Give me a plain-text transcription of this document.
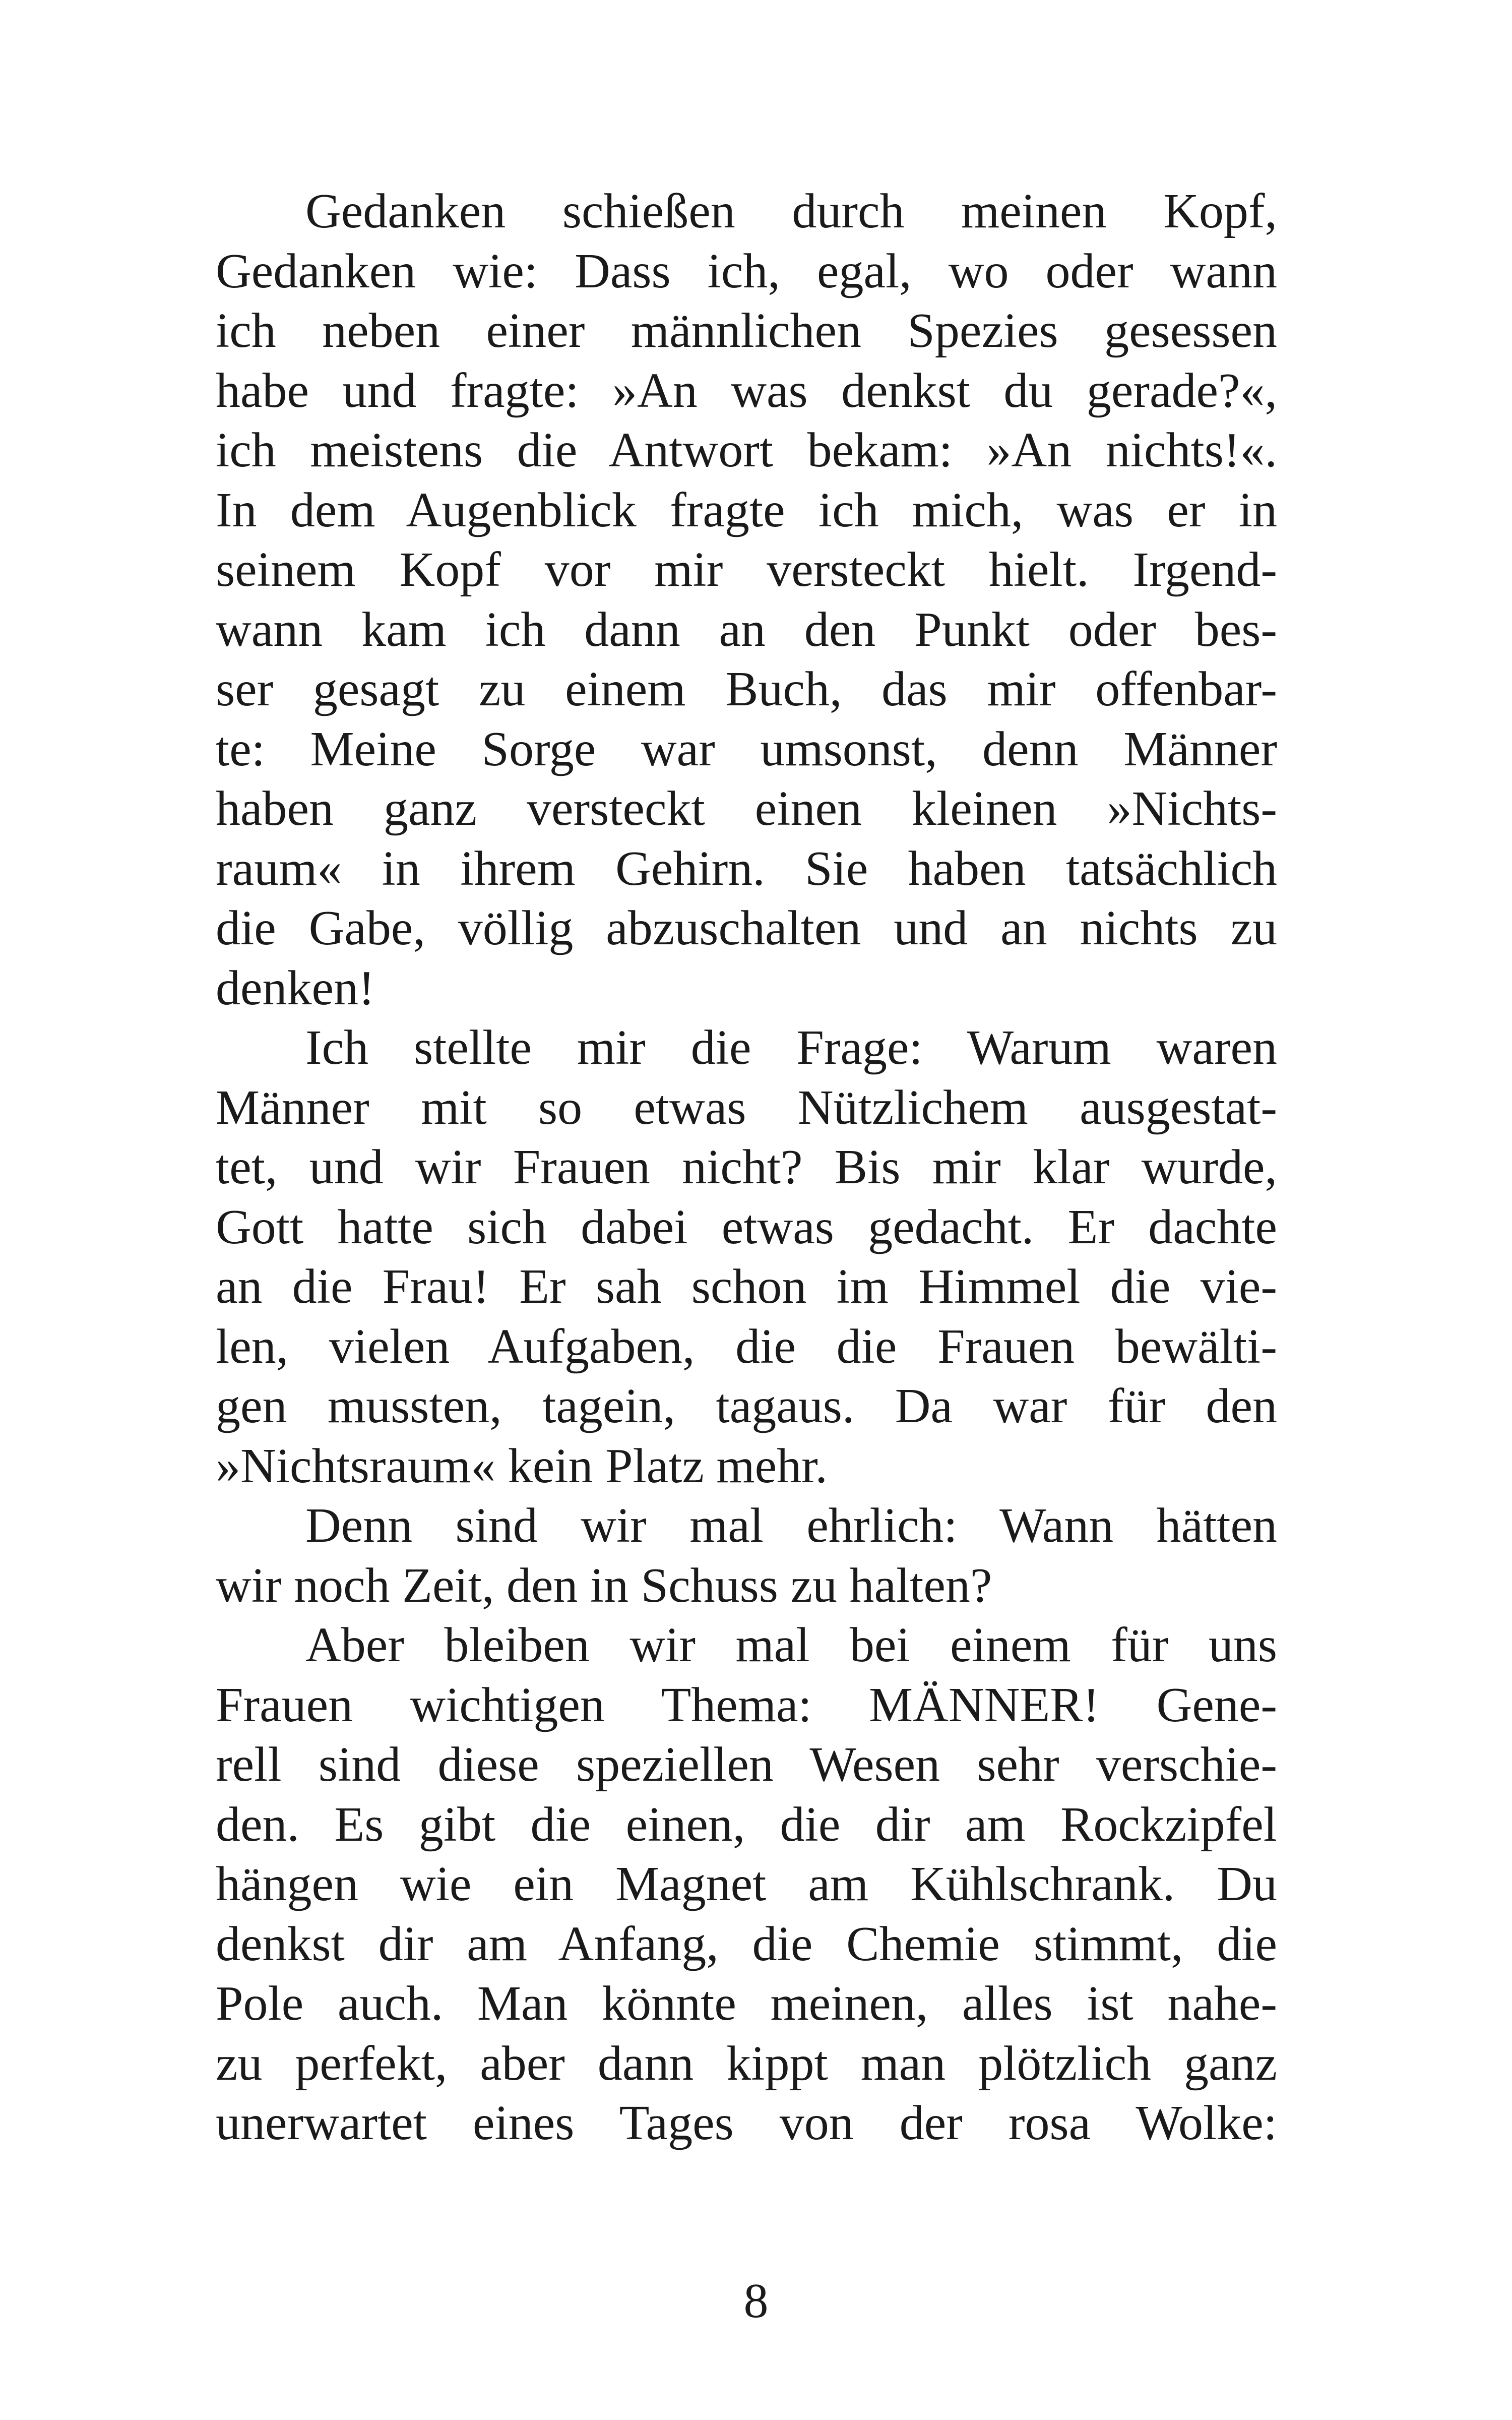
Gedanken schießen durch meinen Kopf,
Gedanken wie: Dass ich, egal, wo oder wann
ich neben einer männlichen Spezies gesessen
habe und fragte: »An was denkst du gerade?«,
ich meistens die Antwort bekam: »An nichts!«.
In dem Augenblick fragte ich mich, was er in
seinem Kopf vor mir versteckt hielt. Irgend-
wann kam ich dann an den Punkt oder bes-
ser gesagt zu einem Buch, das mir offenbar-
te: Meine Sorge war umsonst, denn Männer
haben ganz versteckt einen kleinen »Nichts-
raum« in ihrem Gehirn. Sie haben tatsächlich
die Gabe, völlig abzuschalten und an nichts zu
denken!
Ich stellte mir die Frage: Warum waren
Männer mit so etwas Nützlichem ausgestat-
tet, und wir Frauen nicht? Bis mir klar wurde,
Gott hatte sich dabei etwas gedacht. Er dachte
an die Frau! Er sah schon im Himmel die vie-
len, vielen Aufgaben, die die Frauen bewälti-
gen mussten, tagein, tagaus. Da war für den
»Nichtsraum« kein Platz mehr.
Denn sind wir mal ehrlich: Wann hätten
wir noch Zeit, den in Schuss zu halten?
Aber bleiben wir mal bei einem für uns
Frauen wichtigen Thema: MÄNNER! Gene-
rell sind diese speziellen Wesen sehr verschie-
den. Es gibt die einen, die dir am Rockzipfel
hängen wie ein Magnet am Kühlschrank. Du
denkst dir am Anfang, die Chemie stimmt, die
Pole auch. Man könnte meinen, alles ist nahe-
zu perfekt, aber dann kippt man plötzlich ganz
unerwartet eines Tages von der rosa Wolke:
8
